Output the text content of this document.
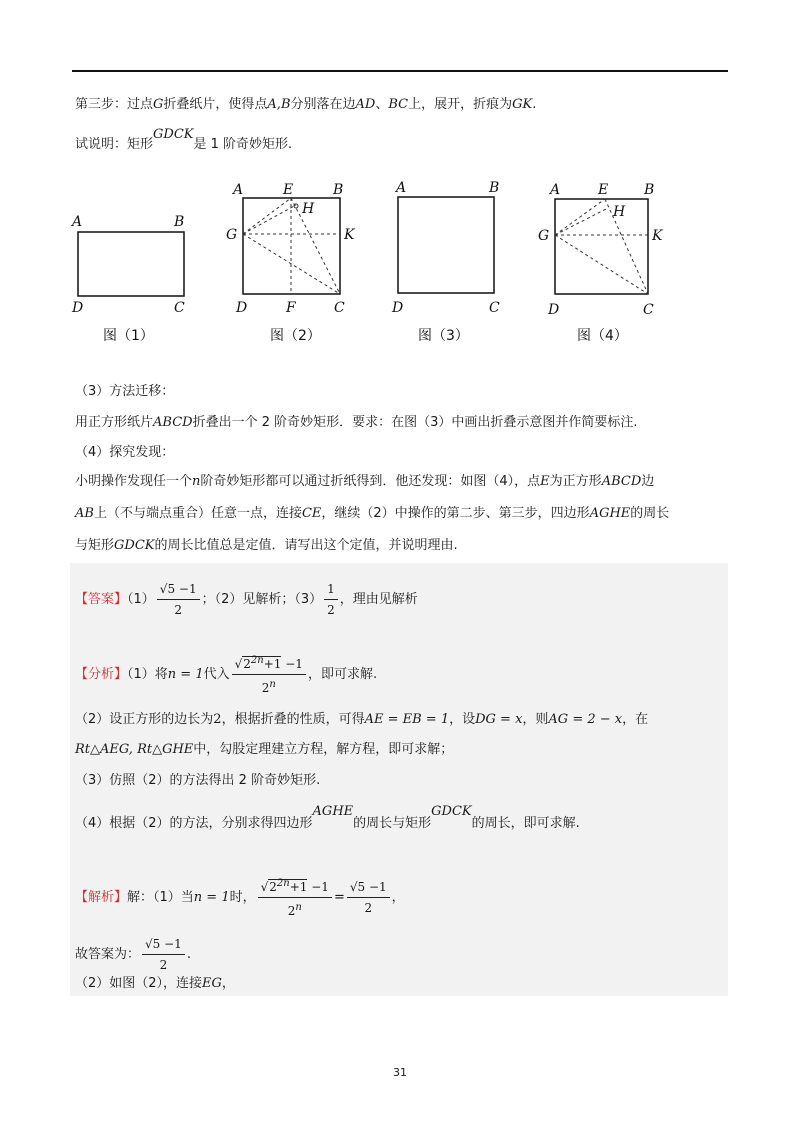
第三步：过点G折叠纸片，使得点A,B分别落在边AD、BC上，展开，折痕为GK.
试说明：矩形GDCK是 1 阶奇妙矩形.
A	B
D	C
图（1）
A	E	B
H
G	K
D	F	C
图（2）
A	B
D	C
图（3）
A	E	B
H
G	K
D	C
图（4）
（3）方法迁移：
用正方形纸片ABCD折叠出一个 2 阶奇妙矩形．要求：在图（3）中画出折叠示意图并作简要标注.
（4）探究发现：
小明操作发现任一个n阶奇妙矩形都可以通过折纸得到．他还发现：如图（4），点E为正方形ABCD边
AB上（不与端点重合）任意一点，连接CE，继续（2）中操作的第二步、第三步，四边形AGHE的周长
与矩形GDCK的周长比值总是定值．请写出这个定值，并说明理由.
【答案】$(1) \frac{√5 -1}{2}$ ；（2）见解析；$(3) \frac{1}{2}$ ，理由见解析
【分析】（1）将n = 1代入 $\frac{√2^{2n}+1 -1}{2^n}$ ，即可求解.
（2）设正方形的边长为2，根据折叠的性质，可得AE = EB = 1，设DG = x，则AG = 2 − x，在
Rt△AEG, Rt△GHE中，勾股定理建立方程，解方程，即可求解；
（3）仿照（2）的方法得出 2 阶奇妙矩形.
（4）根据（2）的方法，分别求得四边形AGHE的周长与矩形GDCK的周长，即可求解.
【解析】解：（1）当n = 1时， $\frac{√2^{2n}+1 -1}{2^n} = \frac{√5 -1}{2}$ ，
故答案为： $\frac{√5 -1}{2}$ .
（2）如图（2），连接EG，
31
